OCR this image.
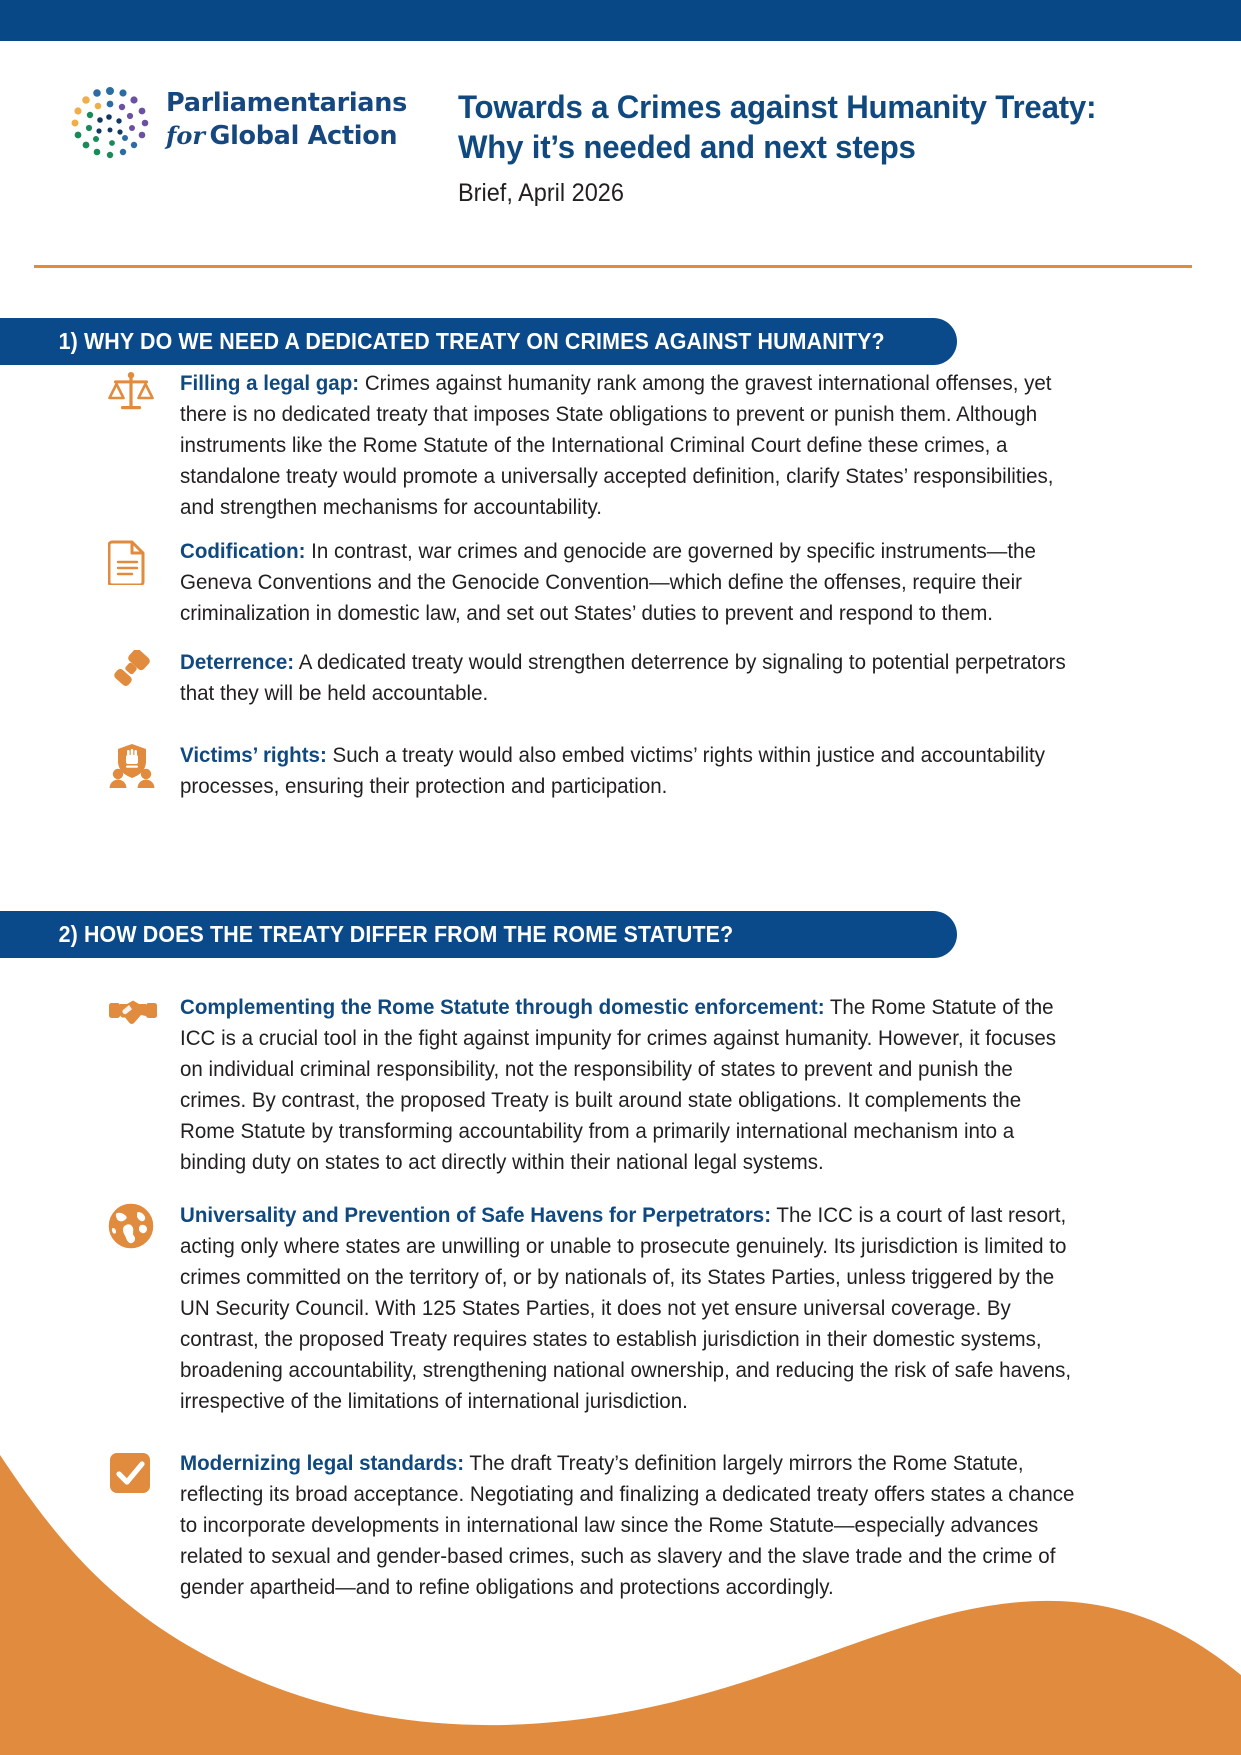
Parliamentarians
for Global Action
Towards a Crimes against Humanity Treaty:
Why it’s needed and next steps
Brief, April 2026
1) WHY DO WE NEED A DEDICATED TREATY ON CRIMES AGAINST HUMANITY?
Filling a legal gap: Crimes against humanity rank among the gravest international offenses, yet there is no dedicated treaty that imposes State obligations to prevent or punish them. Although instruments like the Rome Statute of the International Criminal Court define these crimes, a standalone treaty would promote a universally accepted definition, clarify States’ responsibilities, and strengthen mechanisms for accountability.
Codification: In contrast, war crimes and genocide are governed by specific instruments—the Geneva Conventions and the Genocide Convention—which define the offenses, require their criminalization in domestic law, and set out States’ duties to prevent and respond to them.
Deterrence: A dedicated treaty would strengthen deterrence by signaling to potential perpetrators that they will be held accountable.
Victims’ rights: Such a treaty would also embed victims’ rights within justice and accountability processes, ensuring their protection and participation.
2) HOW DOES THE TREATY DIFFER FROM THE ROME STATUTE?
Complementing the Rome Statute through domestic enforcement: The Rome Statute of the ICC is a crucial tool in the fight against impunity for crimes against humanity. However, it focuses on individual criminal responsibility, not the responsibility of states to prevent and punish the crimes. By contrast, the proposed Treaty is built around state obligations. It complements the Rome Statute by transforming accountability from a primarily international mechanism into a binding duty on states to act directly within their national legal systems.
Universality and Prevention of Safe Havens for Perpetrators: The ICC is a court of last resort, acting only where states are unwilling or unable to prosecute genuinely. Its jurisdiction is limited to crimes committed on the territory of, or by nationals of, its States Parties, unless triggered by the UN Security Council. With 125 States Parties, it does not yet ensure universal coverage. By contrast, the proposed Treaty requires states to establish jurisdiction in their domestic systems, broadening accountability, strengthening national ownership, and reducing the risk of safe havens, irrespective of the limitations of international jurisdiction.
Modernizing legal standards: The draft Treaty’s definition largely mirrors the Rome Statute, reflecting its broad acceptance. Negotiating and finalizing a dedicated treaty offers states a chance to incorporate developments in international law since the Rome Statute—especially advances related to sexual and gender-based crimes, such as slavery and the slave trade and the crime of gender apartheid—and to refine obligations and protections accordingly.
